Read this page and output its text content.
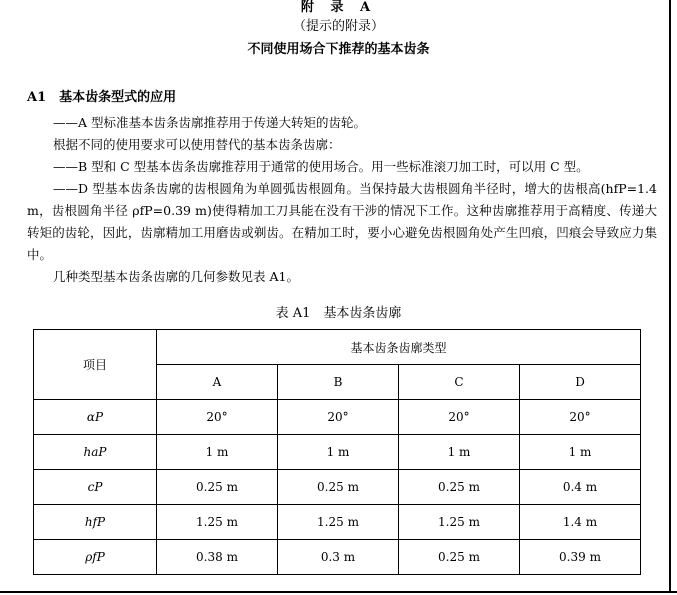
附 录 A
（提示的附录）
不同使用场合下推荐的基本齿条
A1　基本齿条型式的应用
——A 型标准基本齿条齿廓推荐用于传递大转矩的齿轮。
根据不同的使用要求可以使用替代的基本齿条齿廓：
——B 型和 C 型基本齿条齿廓推荐用于通常的使用场合。用一些标准滚刀加工时，可以用 C 型。
——D 型基本齿条齿廓的齿根圆角为单圆弧齿根圆角。当保持最大齿根圆角半径时，增大的齿根高(hfP=1.4 m，齿根圆角半径 ρfP=0.39 m)使得精加工刀具能在没有干涉的情况下工作。这种齿廓推荐用于高精度、传递大转矩的齿轮，因此，齿廓精加工用磨齿或剃齿。在精加工时，要小心避免齿根圆角处产生凹痕，凹痕会导致应力集中。
几种类型基本齿条齿廓的几何参数见表 A1。
表 A1　基本齿条齿廓
项目	基本齿条齿廓类型			
	A	B	C	D
αP	20°	20°	20°	20°
haP	1 m	1 m	1 m	1 m
cP	0.25 m	0.25 m	0.25 m	0.4 m
hfP	1.25 m	1.25 m	1.25 m	1.4 m
ρfP	0.38 m	0.3 m	0.25 m	0.39 m
